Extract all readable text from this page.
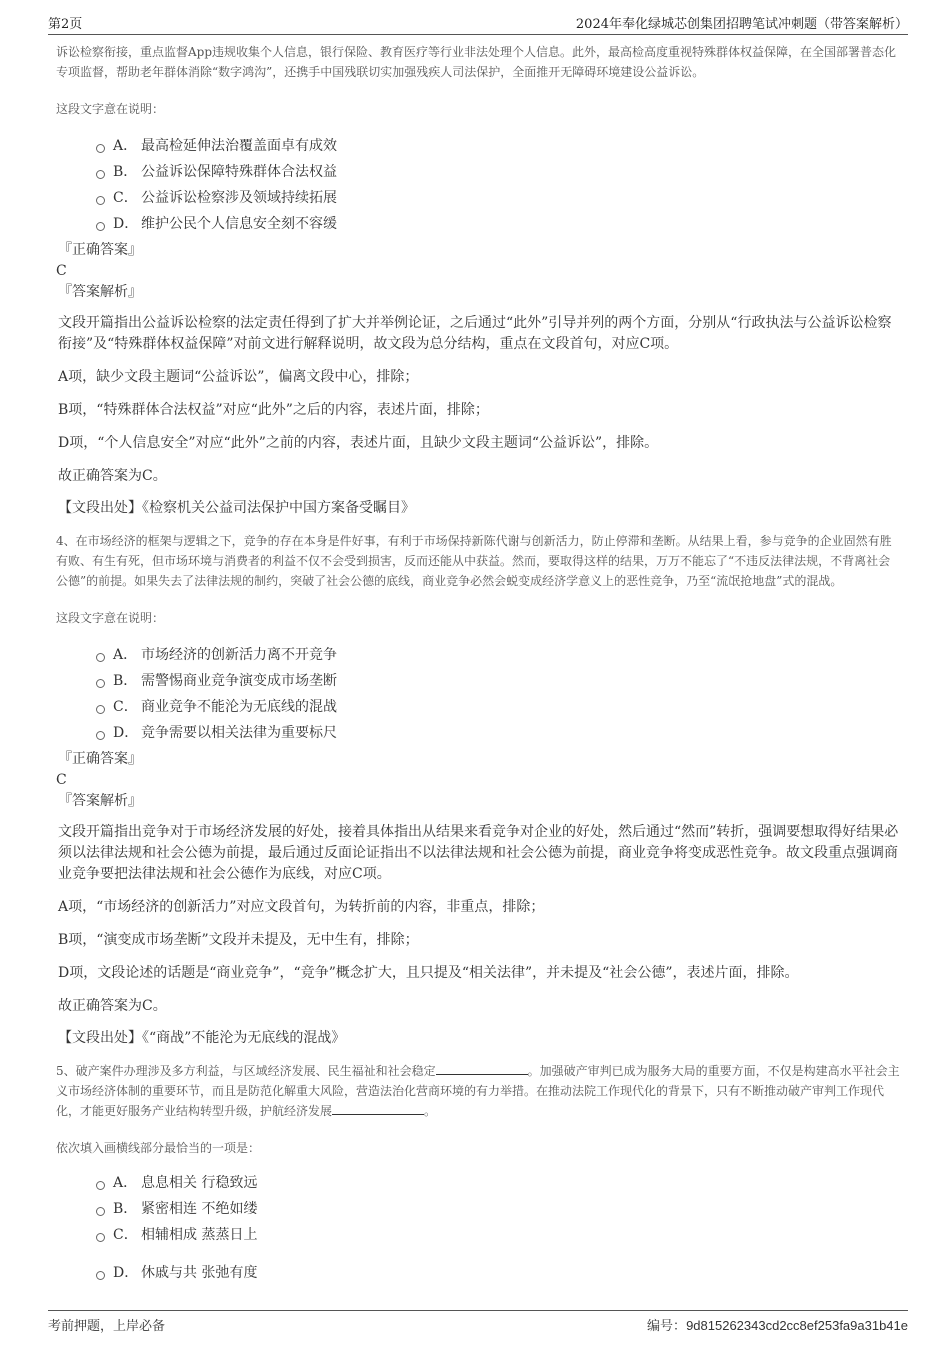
第2页	2024年奉化绿城芯创集团招聘笔试冲刺题（带答案解析）

诉讼检察衔接，重点监督App违规收集个人信息，银行保险、教育医疗等行业非法处理个人信息。此外，最高检高度重视特殊群体权益保障，在全国部署普态化专项监督，帮助老年群体消除“数字鸿沟”，还携手中国残联切实加强残疾人司法保护，全面推开无障碍环境建设公益诉讼。

这段文字意在说明：

A． 最高检延伸法治覆盖面卓有成效
B． 公益诉讼保障特殊群体合法权益
C． 公益诉讼检察涉及领域持续拓展
D． 维护公民个人信息安全刻不容缓

『正确答案』

C

『答案解析』

文段开篇指出公益诉讼检察的法定责任得到了扩大并举例论证，之后通过“此外”引导并列的两个方面，分别从“行政执法与公益诉讼检察衔接”及“特殊群体权益保障”对前文进行解释说明，故文段为总分结构，重点在文段首句，对应C项。

A项，缺少文段主题词“公益诉讼”，偏离文段中心，排除；

B项，“特殊群体合法权益”对应“此外”之后的内容，表述片面，排除；

D项，“个人信息安全”对应“此外”之前的内容，表述片面，且缺少文段主题词“公益诉讼”，排除。

故正确答案为C。

【文段出处】《检察机关公益司法保护中国方案备受瞩目》

4、在市场经济的框架与逻辑之下，竞争的存在本身是件好事，有利于市场保持新陈代谢与创新活力，防止停滞和垄断。从结果上看，参与竞争的企业固然有胜有败、有生有死，但市场环境与消费者的利益不仅不会受到损害，反而还能从中获益。然而，要取得这样的结果，万万不能忘了“不违反法律法规，不背离社会公德”的前提。如果失去了法律法规的制约，突破了社会公德的底线，商业竞争必然会蜕变成经济学意义上的恶性竞争，乃至“流氓抢地盘”式的混战。

这段文字意在说明：

A． 市场经济的创新活力离不开竞争
B． 需警惕商业竞争演变成市场垄断
C． 商业竞争不能沦为无底线的混战
D． 竞争需要以相关法律为重要标尺

『正确答案』

C

『答案解析』

文段开篇指出竞争对于市场经济发展的好处，接着具体指出从结果来看竞争对企业的好处，然后通过“然而”转折，强调要想取得好结果必须以法律法规和社会公德为前提，最后通过反面论证指出不以法律法规和社会公德为前提，商业竞争将变成恶性竞争。故文段重点强调商业竞争要把法律法规和社会公德作为底线，对应C项。

A项，“市场经济的创新活力”对应文段首句，为转折前的内容，非重点，排除；

B项，“演变成市场垄断”文段并未提及，无中生有，排除；

D项，文段论述的话题是“商业竞争”，“竞争”概念扩大，且只提及“相关法律”，并未提及“社会公德”，表述片面，排除。

故正确答案为C。

【文段出处】《“商战”不能沦为无底线的混战》

5、破产案件办理涉及多方利益，与区域经济发展、民生福祉和社会稳定	。加强破产审判已成为服务大局的重要方面，不仅是构建高水平社会主义市场经济体制的重要环节，而且是防范化解重大风险，营造法治化营商环境的有力举措。在推动法院工作现代化的背景下，只有不断推动破产审判工作现代化，才能更好服务产业结构转型升级，护航经济发展	。

依次填入画横线部分最恰当的一项是：

A． 息息相关 行稳致远
B． 紧密相连 不绝如缕
C． 相辅相成 蒸蒸日上
D． 休戚与共 张弛有度
考前押题，上岸必备	编号：9d815262343cd2cc8ef253fa9a31b41e
